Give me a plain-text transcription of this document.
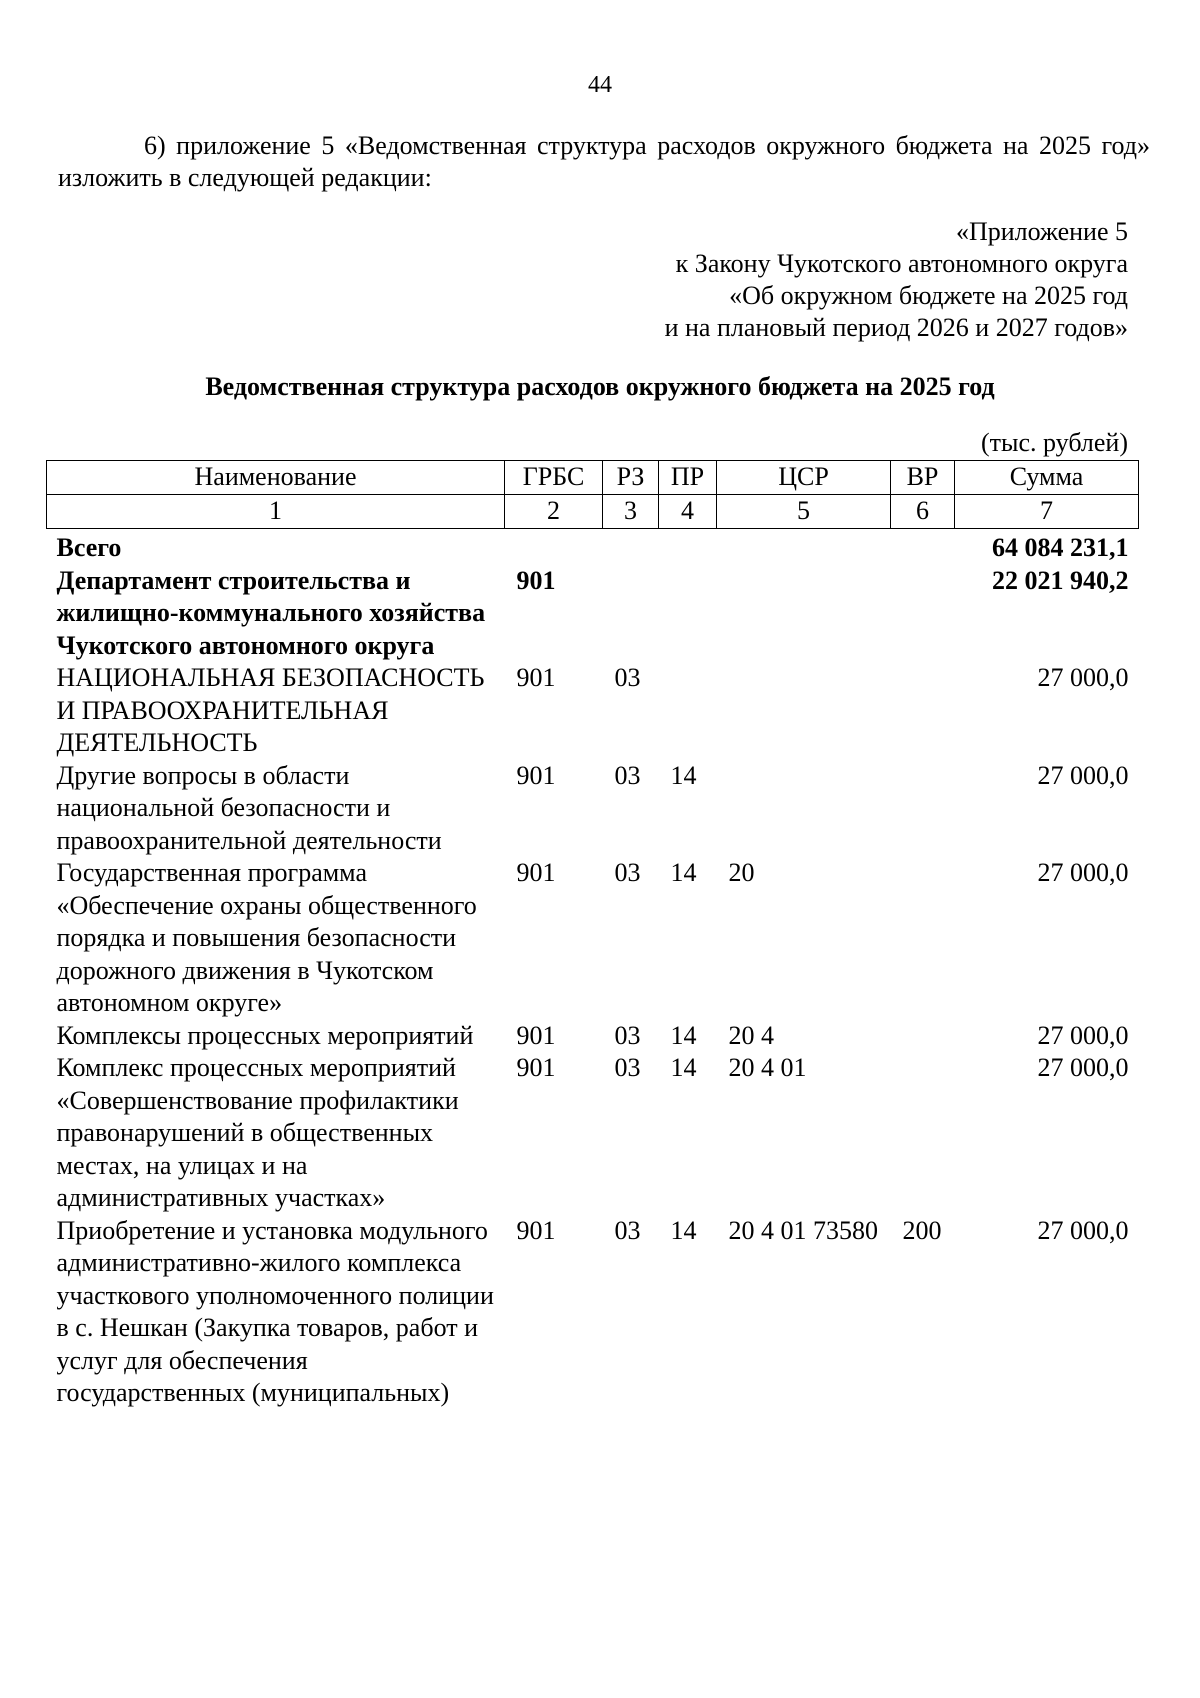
44
6) приложение 5 «Ведомственная структура расходов окружного бюджета на 2025 год» изложить в следующей редакции:
«Приложение 5
к Закону Чукотского автономного округа
«Об окружном бюджете на 2025 год
и на плановый период 2026 и 2027 годов»
Ведомственная структура расходов окружного бюджета на 2025 год
(тыс. рублей)
Наименование	ГРБС	РЗ	ПР	ЦСР	ВР	Сумма
1	2	3	4	5	6	7
Всего						64 084 231,1
Департамент строительства и жилищно-коммунального хозяйства Чукотского автономного округа	901					22 021 940,2
НАЦИОНАЛЬНАЯ БЕЗОПАСНОСТЬ И ПРАВООХРАНИТЕЛЬНАЯ ДЕЯТЕЛЬНОСТЬ	901	03				27 000,0
Другие вопросы в области национальной безопасности и правоохранительной деятельности	901	03	14			27 000,0
Государственная программа «Обеспечение охраны общественного порядка и повышения безопасности дорожного движения в Чукотском автономном округе»	901	03	14	20		27 000,0
Комплексы процессных мероприятий	901	03	14	20 4		27 000,0
Комплекс процессных мероприятий «Совершенствование профилактики правонарушений в общественных местах, на улицах и на административных участках»	901	03	14	20 4 01		27 000,0
Приобретение и установка модульного административно-жилого комплекса участкового уполномоченного полиции в с. Нешкан (Закупка товаров, работ и услуг для обеспечения государственных (муниципальных)	901	03	14	20 4 01 73580	200	27 000,0
